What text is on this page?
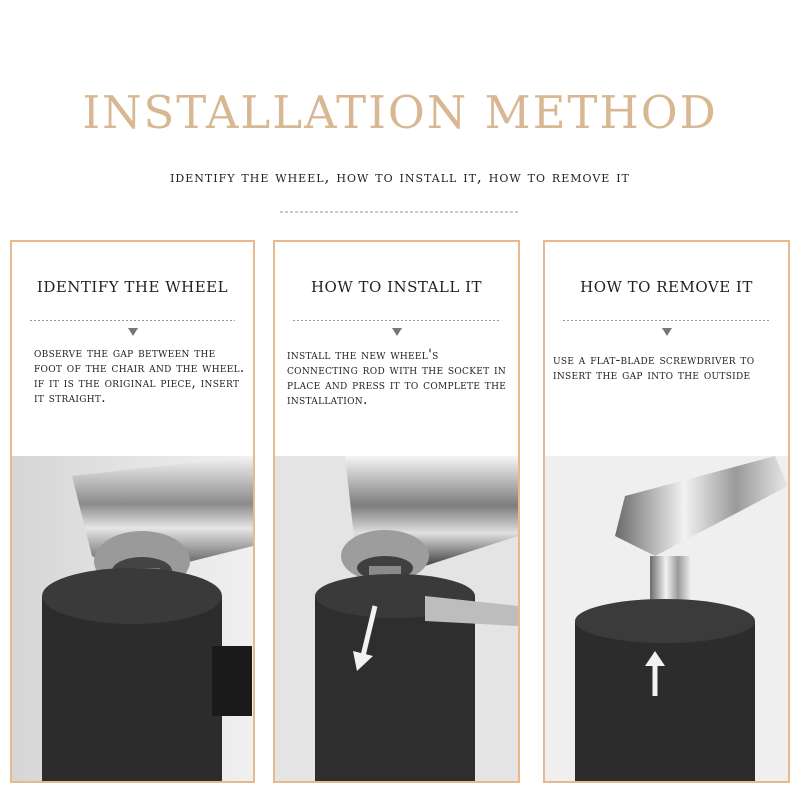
INSTALLATION METHOD
identify the wheel, how to install it, how to remove it
IDENTIFY THE WHEEL
observe the gap between the foot of the chair and the wheel. if it is the original piece, insert it straight.
HOW TO INSTALL IT
install the new wheel's connecting rod with the socket in place and press it to complete the installation.
HOW TO REMOVE IT
use a flat-blade screwdriver to insert the gap into the outside
